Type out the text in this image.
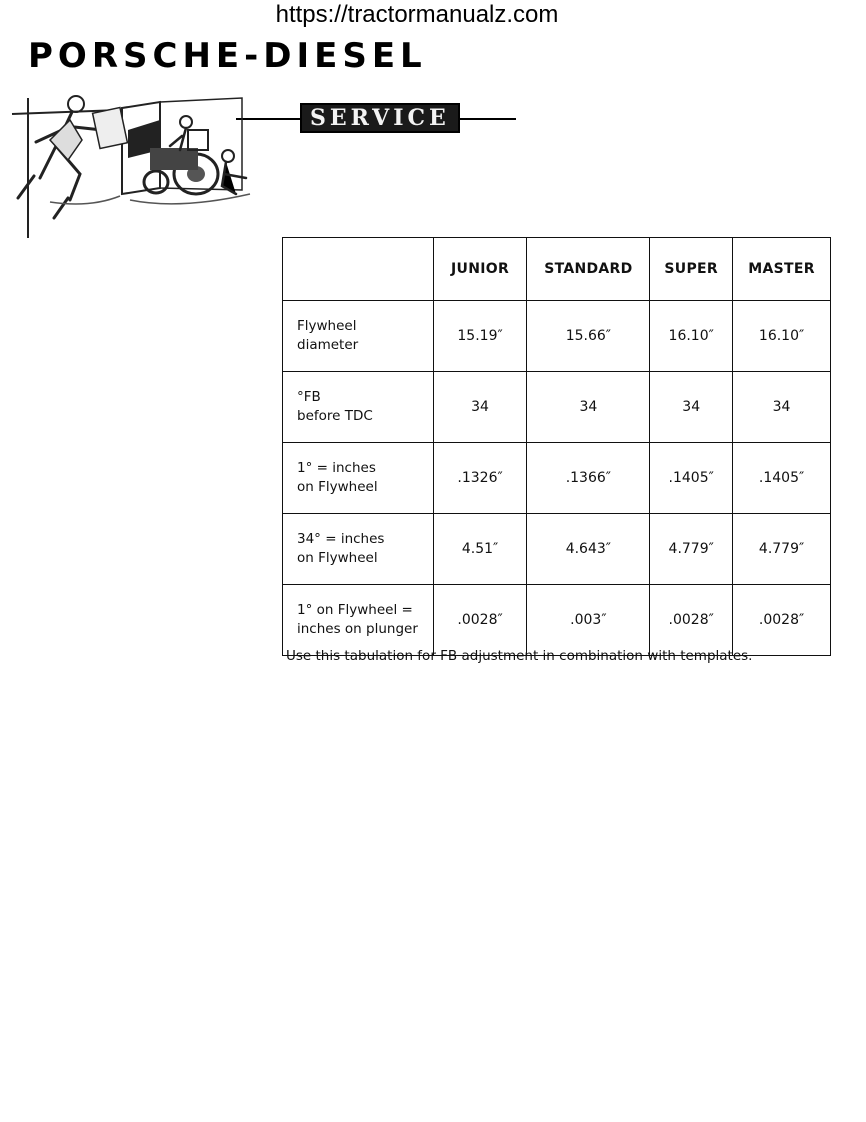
https://tractormanualz.com
PORSCHE-DIESEL
SERVICE
	JUNIOR	STANDARD	SUPER	MASTER
Flywheel
diameter	15.19″	15.66″	16.10″	16.10″
°FB
before TDC	34	34	34	34
1° = inches
on Flywheel	.1326″	.1366″	.1405″	.1405″
34° = inches
on Flywheel	4.51″	4.643″	4.779″	4.779″
1° on Flywheel =
inches on plunger	.0028″	.003″	.0028″	.0028″
Use this tabulation for FB adjustment in combination with templates.
